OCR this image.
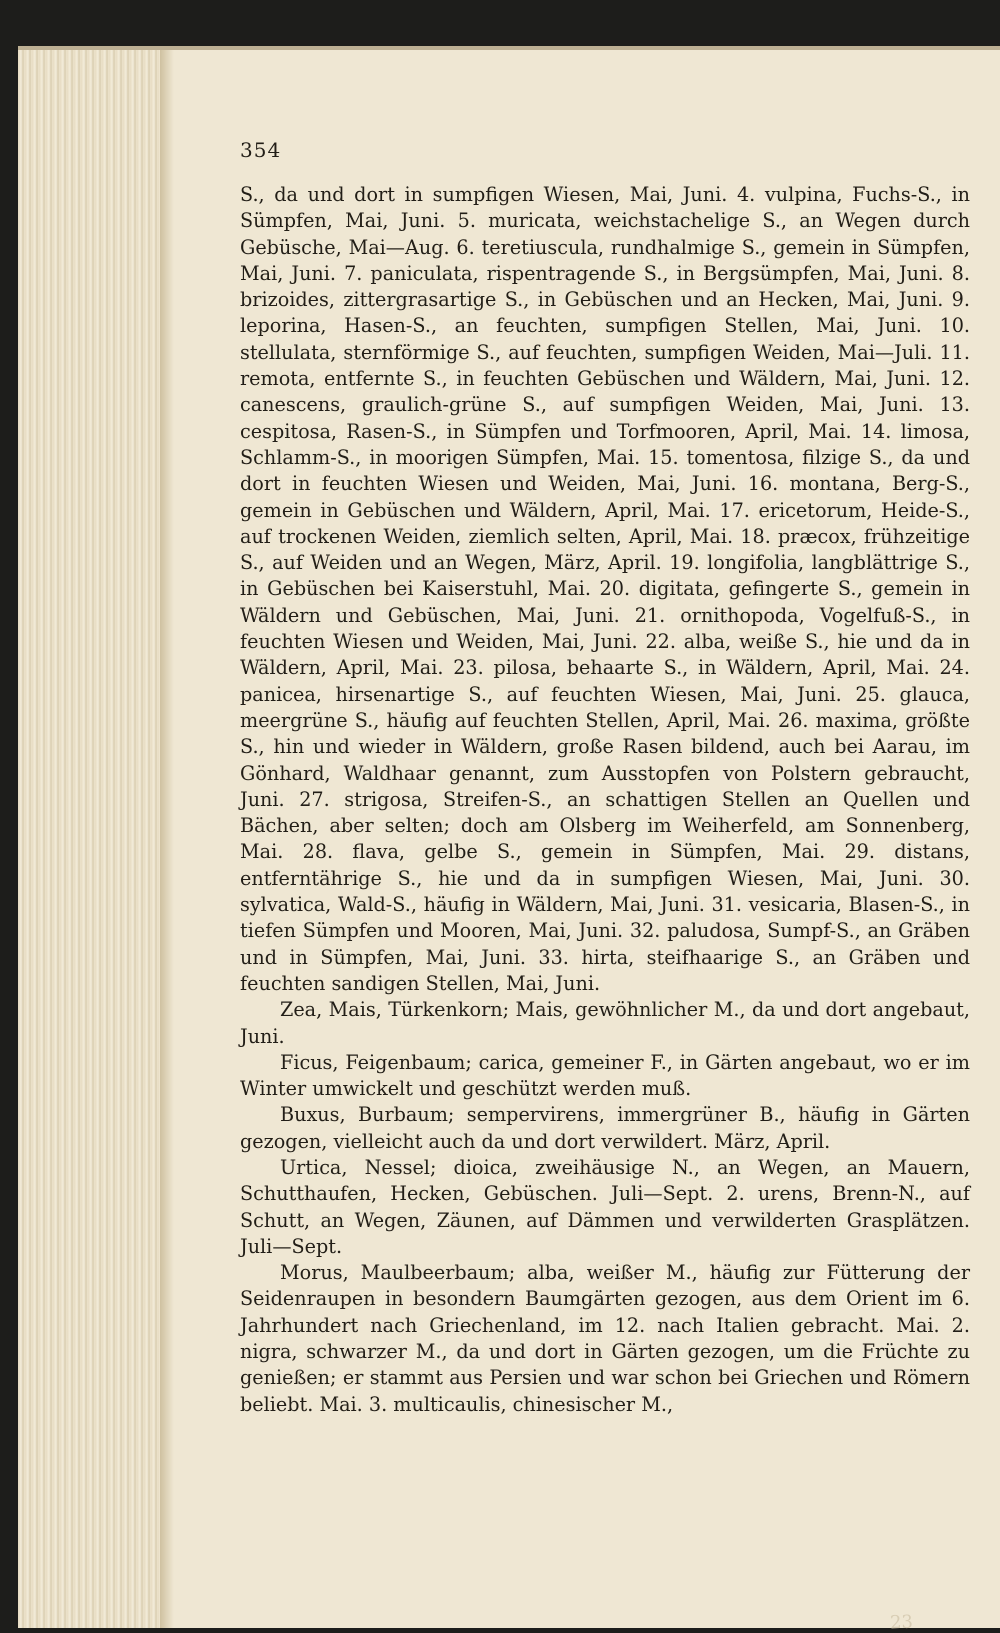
354

S., da und dort in sumpfigen Wiesen, Mai, Juni. 4. vulpina, Fuchs-S., in Sümpfen, Mai, Juni. 5. muricata, weichstachelige S., an Wegen durch Gebüsche, Mai—Aug. 6. teretiuscula, rundhalmige S., gemein in Sümpfen, Mai, Juni. 7. paniculata, rispentragende S., in Bergsümpfen, Mai, Juni. 8. brizoides, zittergrasartige S., in Gebüschen und an Hecken, Mai, Juni. 9. leporina, Hasen-S., an feuchten, sumpfigen Stellen, Mai, Juni. 10. stellulata, sternförmige S., auf feuchten, sumpfigen Weiden, Mai—Juli. 11. remota, entfernte S., in feuchten Gebüschen und Wäldern, Mai, Juni. 12. canescens, graulich-grüne S., auf sumpfigen Weiden, Mai, Juni. 13. cespitosa, Rasen-S., in Sümpfen und Torfmooren, April, Mai. 14. limosa, Schlamm-S., in moorigen Sümpfen, Mai. 15. tomentosa, filzige S., da und dort in feuchten Wiesen und Weiden, Mai, Juni. 16. montana, Berg-S., gemein in Gebüschen und Wäldern, April, Mai. 17. ericetorum, Heide-S., auf trockenen Weiden, ziemlich selten, April, Mai. 18. præcox, frühzeitige S., auf Weiden und an Wegen, März, April. 19. longifolia, langblättrige S., in Gebüschen bei Kaiserstuhl, Mai. 20. digitata, gefingerte S., gemein in Wäldern und Gebüschen, Mai, Juni. 21. ornithopoda, Vogelfuß-S., in feuchten Wiesen und Weiden, Mai, Juni. 22. alba, weiße S., hie und da in Wäldern, April, Mai. 23. pilosa, behaarte S., in Wäldern, April, Mai. 24. panicea, hirsenartige S., auf feuchten Wiesen, Mai, Juni. 25. glauca, meergrüne S., häufig auf feuchten Stellen, April, Mai. 26. maxima, größte S., hin und wieder in Wäldern, große Rasen bildend, auch bei Aarau, im Gönhard, Waldhaar genannt, zum Ausstopfen von Polstern gebraucht, Juni. 27. strigosa, Streifen-S., an schattigen Stellen an Quellen und Bächen, aber selten; doch am Olsberg im Weiherfeld, am Sonnenberg, Mai. 28. flava, gelbe S., gemein in Sümpfen, Mai. 29. distans, entferntährige S., hie und da in sumpfigen Wiesen, Mai, Juni. 30. sylvatica, Wald-S., häufig in Wäldern, Mai, Juni. 31. vesicaria, Blasen-S., in tiefen Sümpfen und Mooren, Mai, Juni. 32. paludosa, Sumpf-S., an Gräben und in Sümpfen, Mai, Juni. 33. hirta, steifhaarige S., an Gräben und feuchten sandigen Stellen, Mai, Juni.

Zea, Mais, Türkenkorn; Mais, gewöhnlicher M., da und dort angebaut, Juni.

Ficus, Feigenbaum; carica, gemeiner F., in Gärten angebaut, wo er im Winter umwickelt und geschützt werden muß.

Buxus, Burbaum; sempervirens, immergrüner B., häufig in Gärten gezogen, vielleicht auch da und dort verwildert. März, April.

Urtica, Nessel; dioica, zweihäusige N., an Wegen, an Mauern, Schutthaufen, Hecken, Gebüschen. Juli—Sept. 2. urens, Brenn-N., auf Schutt, an Wegen, Zäunen, auf Dämmen und verwilderten Grasplätzen. Juli—Sept.

Morus, Maulbeerbaum; alba, weißer M., häufig zur Fütterung der Seidenraupen in besondern Baumgärten gezogen, aus dem Orient im 6. Jahrhundert nach Griechenland, im 12. nach Italien gebracht. Mai. 2. nigra, schwarzer M., da und dort in Gärten gezogen, um die Früchte zu genießen; er stammt aus Persien und war schon bei Griechen und Römern beliebt. Mai. 3. multicaulis, chinesischer M.,

23
